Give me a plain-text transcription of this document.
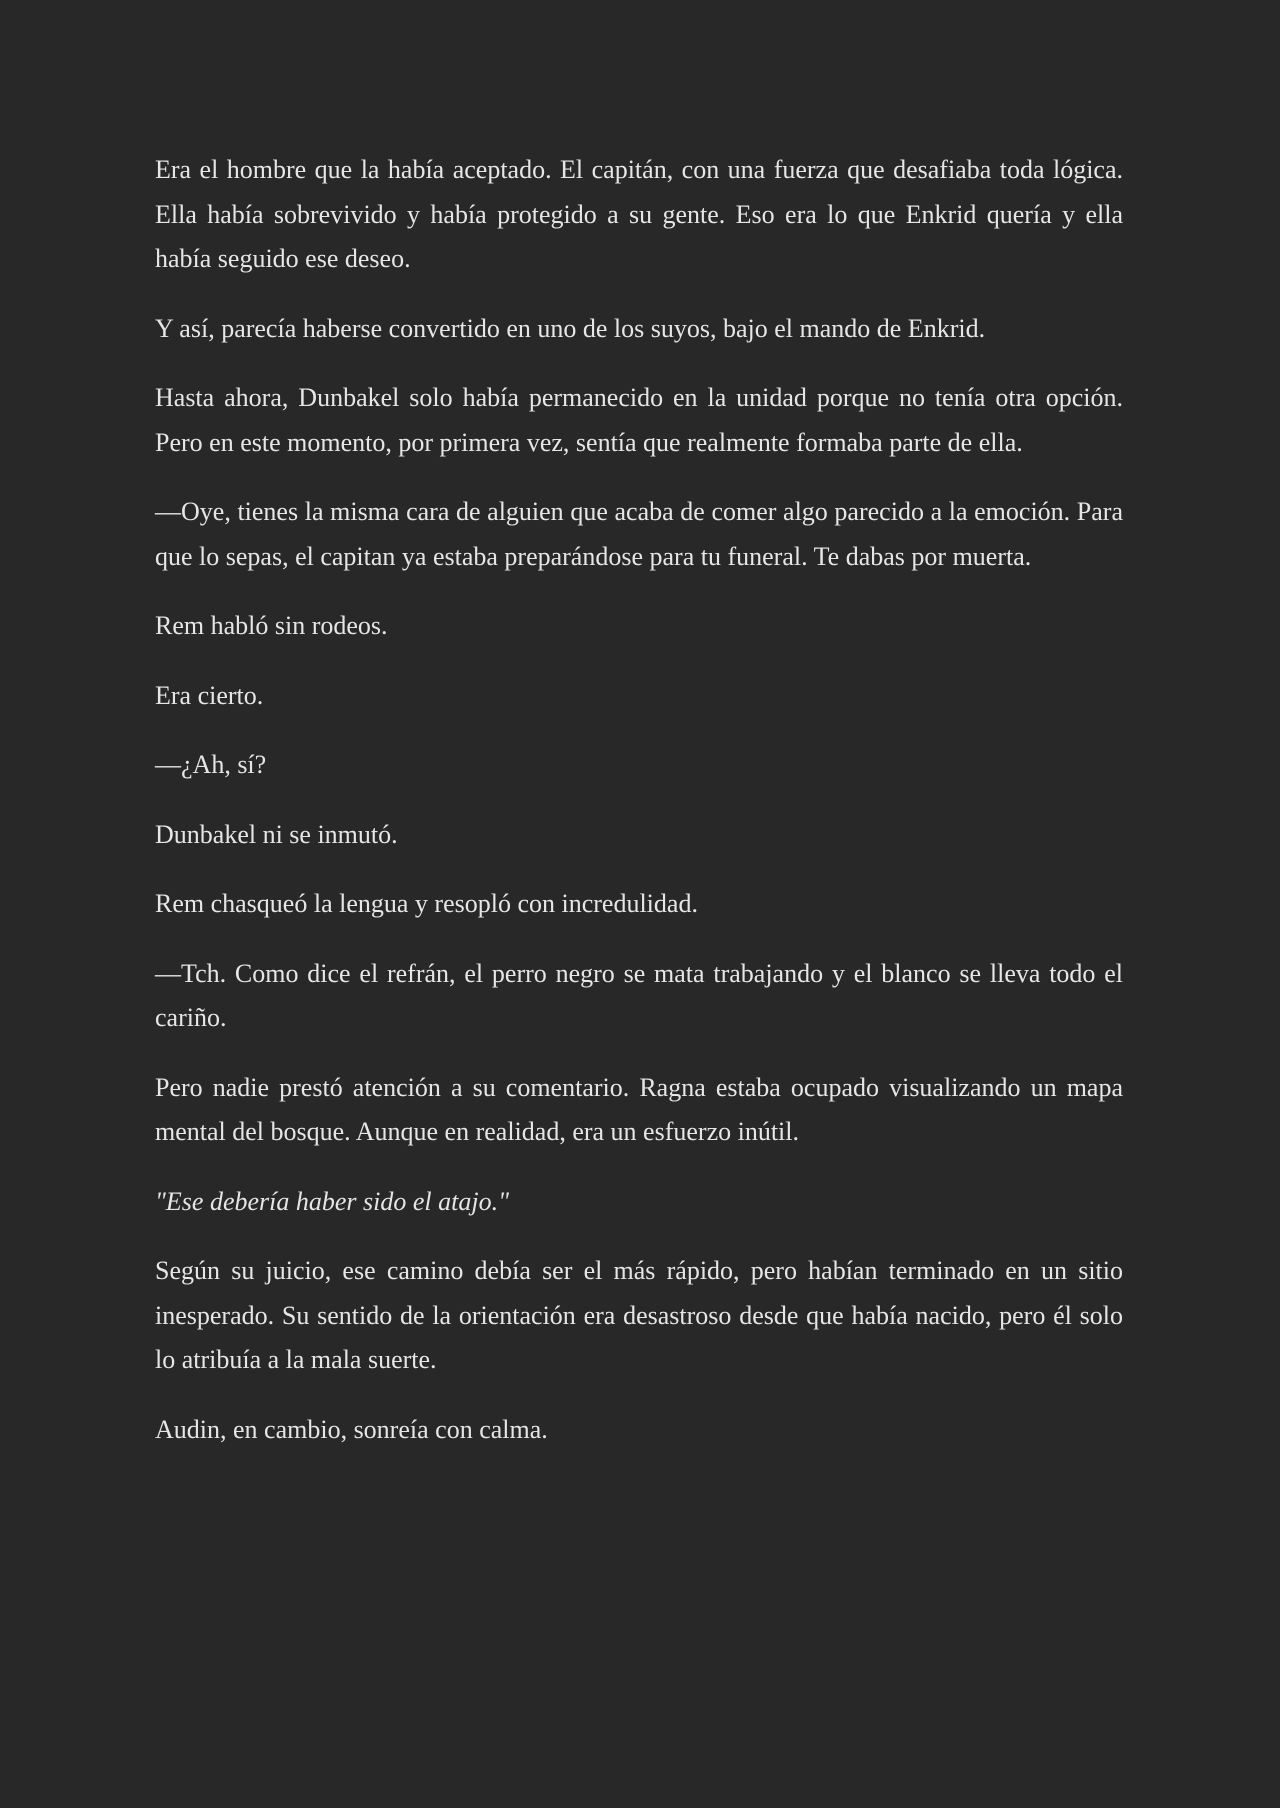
Era el hombre que la había aceptado. El capitán, con una fuerza que desafiaba toda lógica. Ella había sobrevivido y había protegido a su gente. Eso era lo que Enkrid quería y ella había seguido ese deseo.

Y así, parecía haberse convertido en uno de los suyos, bajo el mando de Enkrid.

Hasta ahora, Dunbakel solo había permanecido en la unidad porque no tenía otra opción. Pero en este momento, por primera vez, sentía que realmente formaba parte de ella.

—Oye, tienes la misma cara de alguien que acaba de comer algo parecido a la emoción. Para que lo sepas, el capitan ya estaba preparándose para tu funeral. Te dabas por muerta.

Rem habló sin rodeos.

Era cierto.

—¿Ah, sí?

Dunbakel ni se inmutó.

Rem chasqueó la lengua y resopló con incredulidad.

—Tch. Como dice el refrán, el perro negro se mata trabajando y el blanco se lleva todo el cariño.

Pero nadie prestó atención a su comentario. Ragna estaba ocupado visualizando un mapa mental del bosque. Aunque en realidad, era un esfuerzo inútil.

"Ese debería haber sido el atajo."

Según su juicio, ese camino debía ser el más rápido, pero habían terminado en un sitio inesperado. Su sentido de la orientación era desastroso desde que había nacido, pero él solo lo atribuía a la mala suerte.

Audin, en cambio, sonreía con calma.
